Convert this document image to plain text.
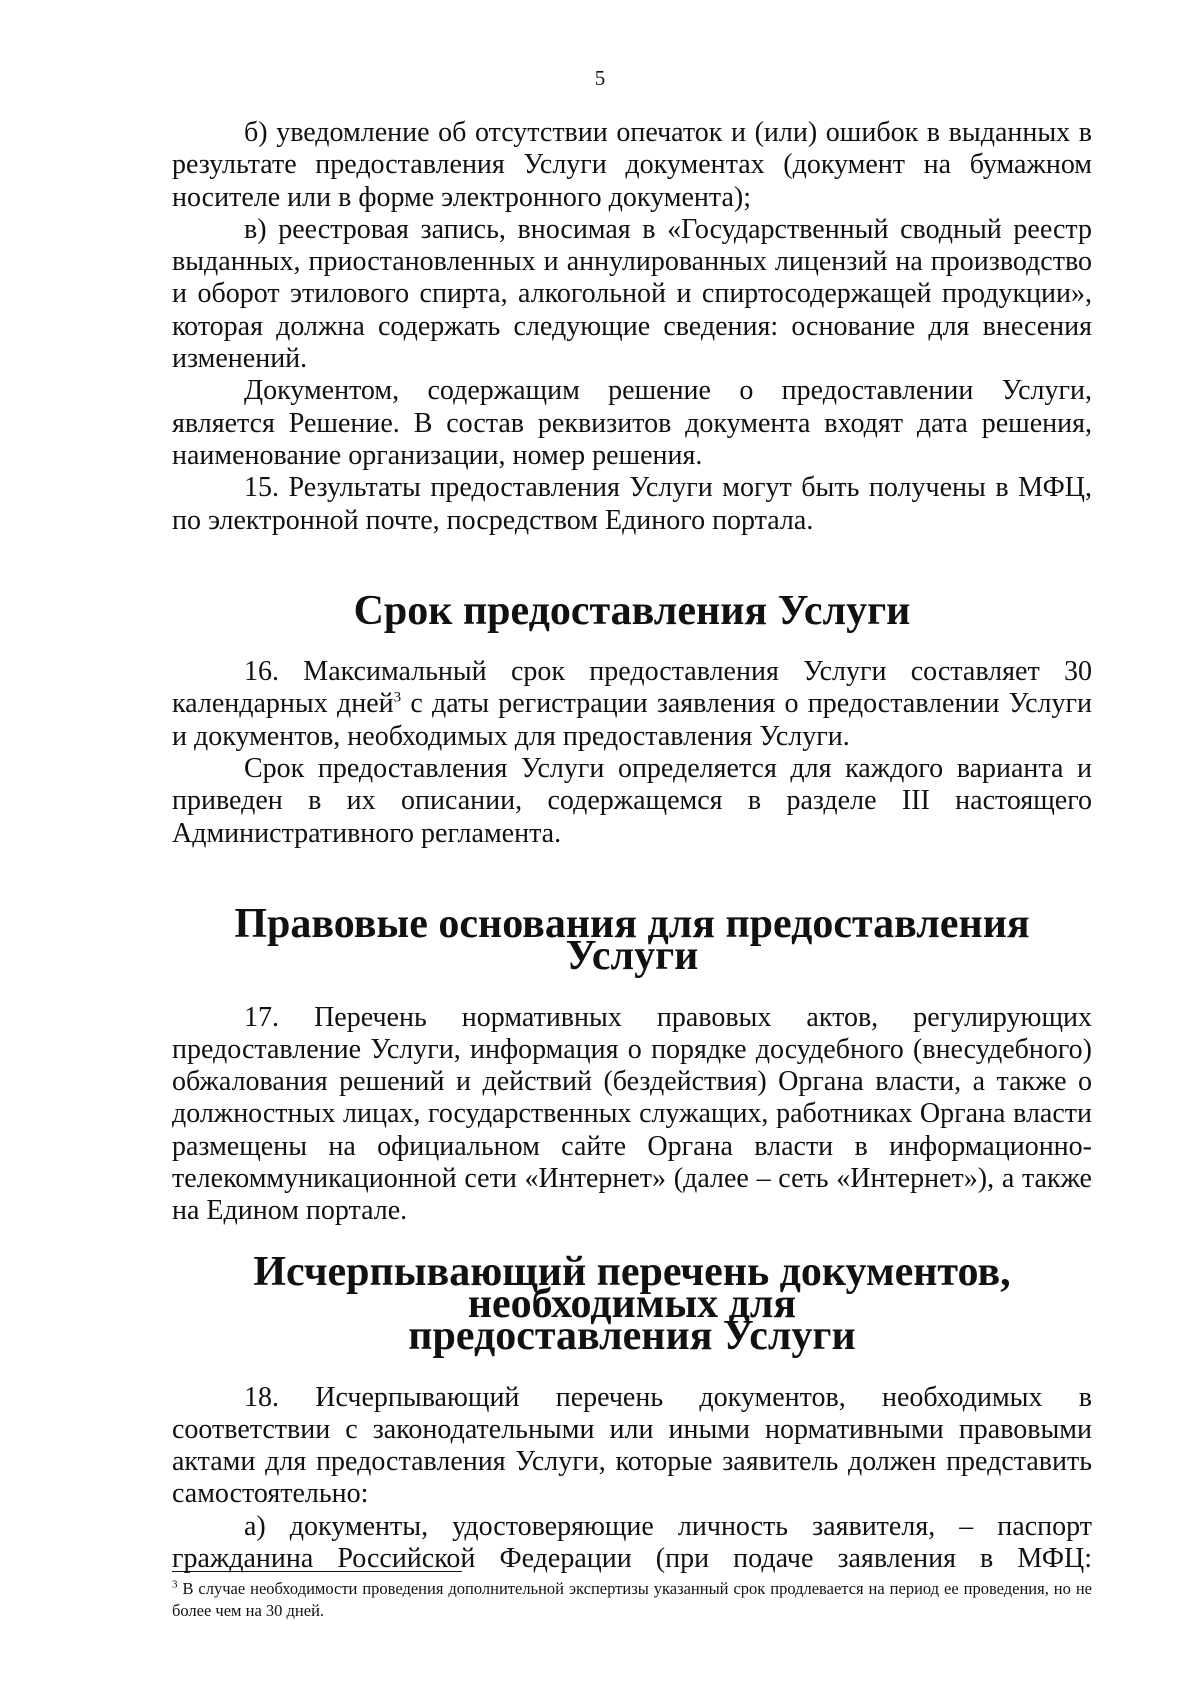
5

б) уведомление об отсутствии опечаток и (или) ошибок в выданных в результате предоставления Услуги документах (документ на бумажном носителе или в форме электронного документа);

в) реестровая запись, вносимая в «Государственный сводный реестр выданных, приостановленных и аннулированных лицензий на производство и оборот этилового спирта, алкогольной и спиртосодержащей продукции», которая должна содержать следующие сведения: основание для внесения изменений.

Документом, содержащим решение о предоставлении Услуги, является Решение. В состав реквизитов документа входят дата решения, наименование организации, номер решения.

15. Результаты предоставления Услуги могут быть получены в МФЦ, по электронной почте, посредством Единого портала.

Срок предоставления Услуги

16. Максимальный срок предоставления Услуги составляет 30 календарных дней$^3$ с даты регистрации заявления о предоставлении Услуги и документов, необходимых для предоставления Услуги.

Срок предоставления Услуги определяется для каждого варианта и приведен в их описании, содержащемся в разделе III настоящего Административного регламента.

Правовые основания для предоставления Услуги

17. Перечень нормативных правовых актов, регулирующих предоставление Услуги, информация о порядке досудебного (внесудебного) обжалования решений и действий (бездействия) Органа власти, а также о должностных лицах, государственных служащих, работниках Органа власти размещены на официальном сайте Органа власти в информационно-телекоммуникационной сети «Интернет» (далее – сеть «Интернет»), а также на Едином портале.

Исчерпывающий перечень документов, необходимых для
предоставления Услуги

18. Исчерпывающий перечень документов, необходимых в соответствии с законодательными или иными нормативными правовыми актами для предоставления Услуги, которые заявитель должен представить самостоятельно:

а) документы, удостоверяющие личность заявителя, – паспорт гражданина Российской Федерации (при подаче заявления в МФЦ:

$^3$ В случае необходимости проведения дополнительной экспертизы указанный срок продлевается на период ее проведения, но не более чем на 30 дней.
